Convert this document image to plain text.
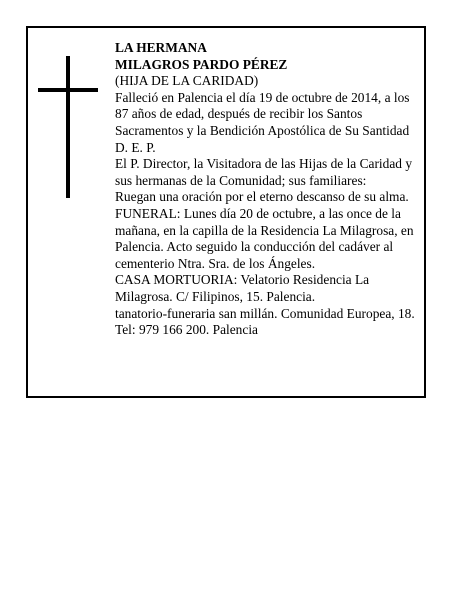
LA HERMANA
MILAGROS PARDO PÉREZ
(HIJA DE LA CARIDAD)
Falleció en Palencia el día 19 de octubre de 2014, a los
87 años de edad, después de recibir los Santos
Sacramentos y la Bendición Apostólica de Su Santidad
D. E. P.
El P. Director, la Visitadora de las Hijas de la Caridad y
sus hermanas de la Comunidad; sus familiares:
Ruegan una oración por el eterno descanso de su alma.
FUNERAL: Lunes día 20 de octubre, a las once de la
mañana, en la capilla de la Residencia La Milagrosa, en
Palencia. Acto seguido la conducción del cadáver al
cementerio Ntra. Sra. de los Ángeles.
CASA MORTUORIA: Velatorio Residencia La
Milagrosa. C/ Filipinos, 15. Palencia.
tanatorio-funeraria san millán. Comunidad Europea, 18.
Tel: 979 166 200. Palencia
